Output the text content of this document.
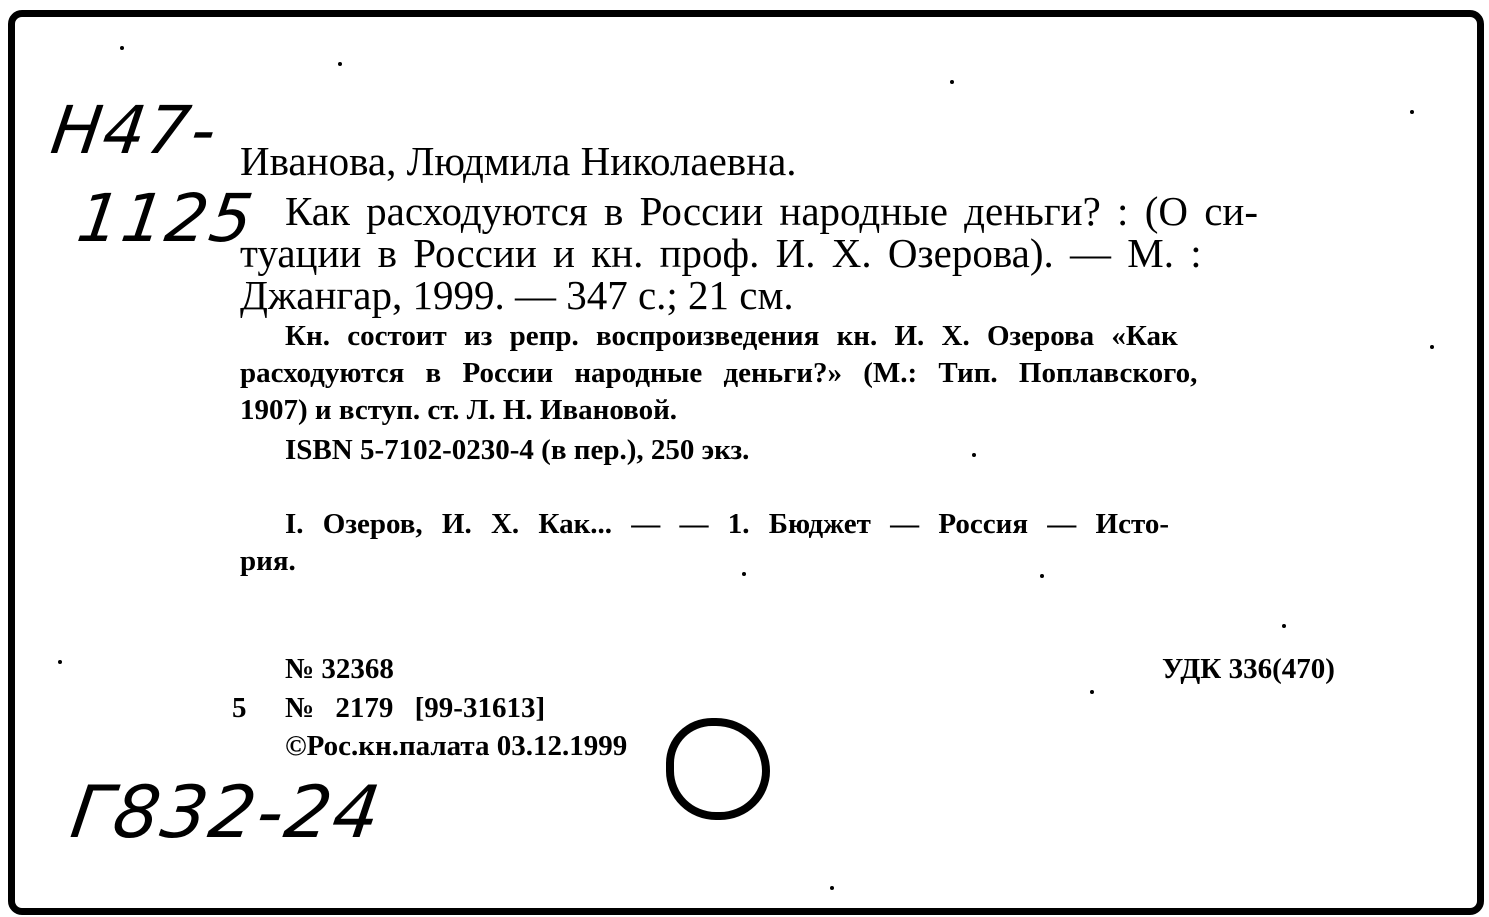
Н47-
1125
Иванова, Людмила Николаевна.
Как расходуются в России народные деньги? : (О си-
туации в России и кн. проф. И. Х. Озерова). — М. :
Джангар, 1999. — 347 с.; 21 см.
Кн. состоит из репр. воспроизведения кн. И. Х. Озерова «Как
расходуются в России народные деньги?» (М.: Тип. Поплавского,
1907) и вступ. ст. Л. Н. Ивановой.
ISBN 5-7102-0230-4 (в пер.), 250 экз.
I. Озеров, И. Х. Как... — — 1. Бюджет — Россия — Исто-
рия.
№ 32368
5 № 2179 [99-31613]
©Рос.кн.палата 03.12.1999
УДК 336(470)
Г832-24
